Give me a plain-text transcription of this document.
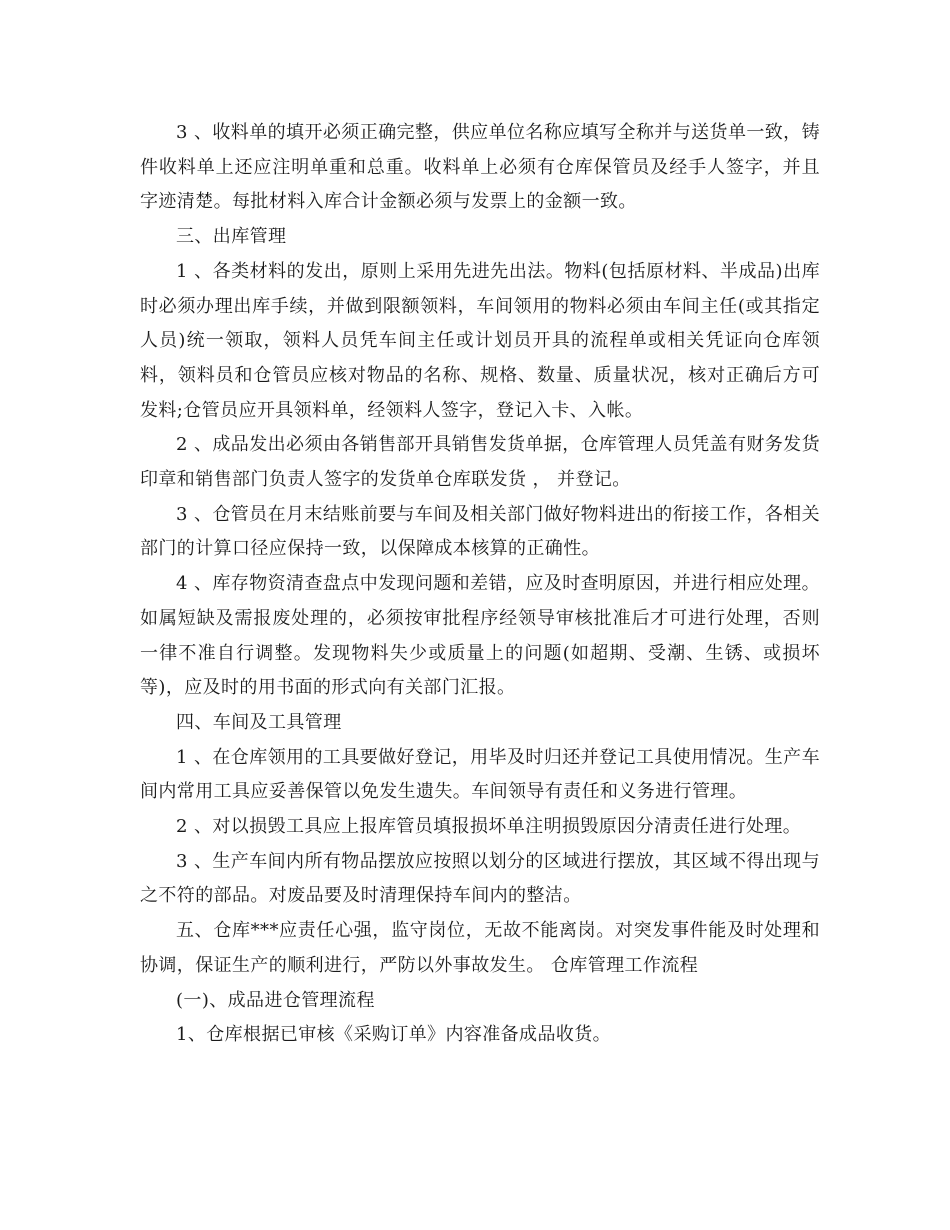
3 、收料单的填开必须正确完整，供应单位名称应填写全称并与送货单一致，铸件收料单上还应注明单重和总重。收料单上必须有仓库保管员及经手人签字，并且字迹清楚。每批材料入库合计金额必须与发票上的金额一致。

三、出库管理

1 、各类材料的发出，原则上采用先进先出法。物料(包括原材料、半成品)出库时必须办理出库手续，并做到限额领料，车间领用的物料必须由车间主任(或其指定人员)统一领取，领料人员凭车间主任或计划员开具的流程单或相关凭证向仓库领料，领料员和仓管员应核对物品的名称、规格、数量、质量状况，核对正确后方可发料;仓管员应开具领料单，经领料人签字，登记入卡、入帐。

2 、成品发出必须由各销售部开具销售发货单据，仓库管理人员凭盖有财务发货印章和销售部门负责人签字的发货单仓库联发货 ， 并登记。

3 、仓管员在月末结账前要与车间及相关部门做好物料进出的衔接工作，各相关部门的计算口径应保持一致，以保障成本核算的正确性。

4 、库存物资清查盘点中发现问题和差错，应及时查明原因，并进行相应处理。如属短缺及需报废处理的，必须按审批程序经领导审核批准后才可进行处理，否则一律不准自行调整。发现物料失少或质量上的问题(如超期、受潮、生锈、或损坏等)，应及时的用书面的形式向有关部门汇报。

四、车间及工具管理

1 、在仓库领用的工具要做好登记，用毕及时归还并登记工具使用情况。生产车间内常用工具应妥善保管以免发生遗失。车间领导有责任和义务进行管理。

2 、对以损毁工具应上报库管员填报损坏单注明损毁原因分清责任进行处理。

3 、生产车间内所有物品摆放应按照以划分的区域进行摆放，其区域不得出现与之不符的部品。对废品要及时清理保持车间内的整洁。

五、仓库***应责任心强，监守岗位，无故不能离岗。对突发事件能及时处理和协调，保证生产的顺利进行，严防以外事故发生。 仓库管理工作流程

(一)、成品进仓管理流程

1、仓库根据已审核《采购订单》内容准备成品收货。
